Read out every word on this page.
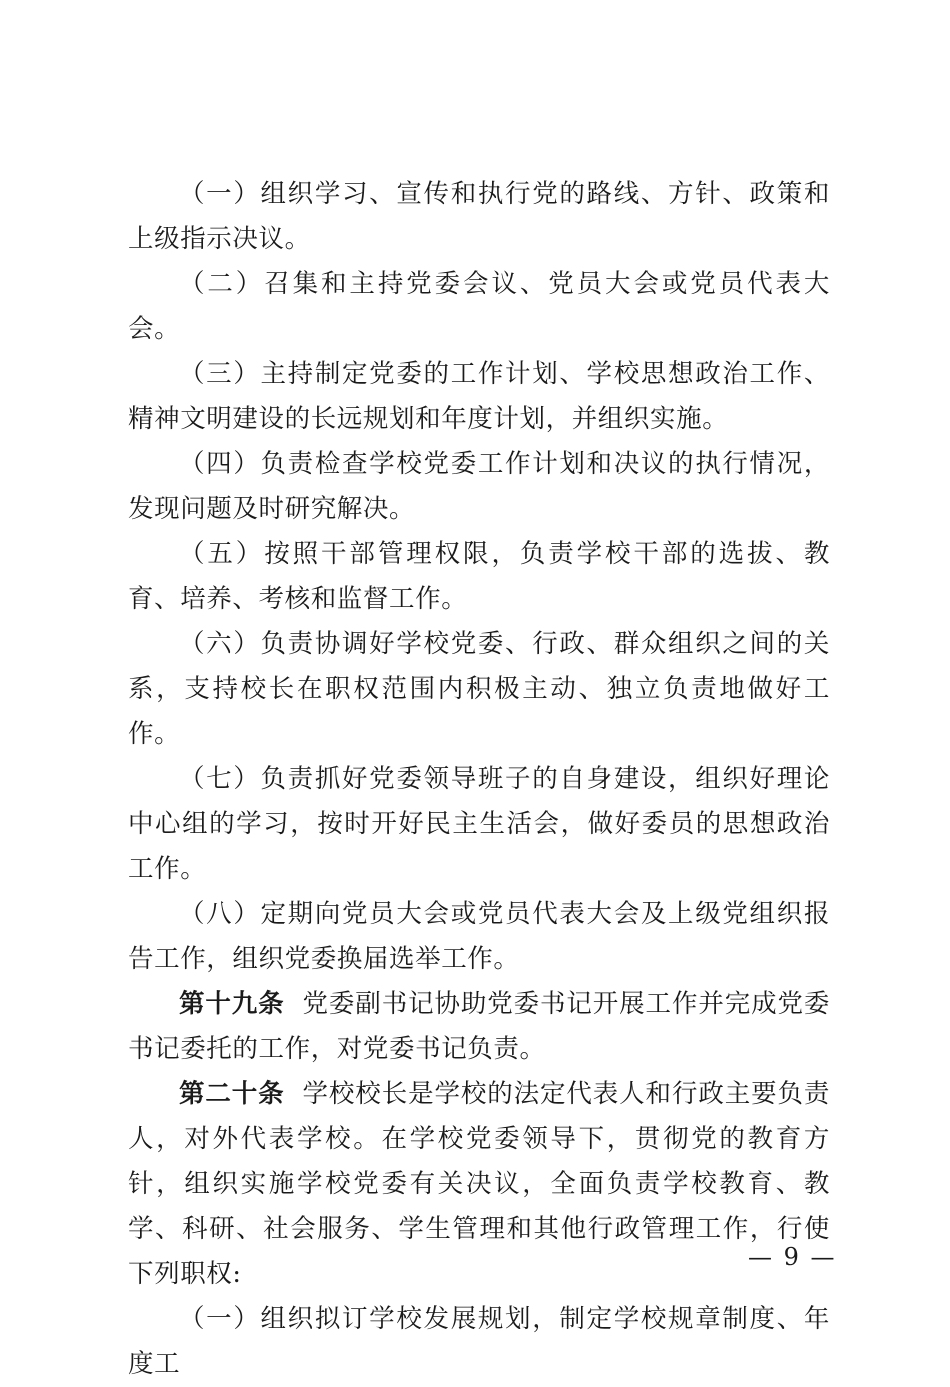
（一）组织学习、宣传和执行党的路线、方针、政策和上级指示决议。

（二）召集和主持党委会议、党员大会或党员代表大会。

（三）主持制定党委的工作计划、学校思想政治工作、精神文明建设的长远规划和年度计划，并组织实施。

（四）负责检查学校党委工作计划和决议的执行情况，发现问题及时研究解决。

（五）按照干部管理权限，负责学校干部的选拔、教育、培养、考核和监督工作。

（六）负责协调好学校党委、行政、群众组织之间的关系，支持校长在职权范围内积极主动、独立负责地做好工作。

（七）负责抓好党委领导班子的自身建设，组织好理论中心组的学习，按时开好民主生活会，做好委员的思想政治工作。

（八）定期向党员大会或党员代表大会及上级党组织报告工作，组织党委换届选举工作。

第十九条 党委副书记协助党委书记开展工作并完成党委书记委托的工作，对党委书记负责。

第二十条 学校校长是学校的法定代表人和行政主要负责人，对外代表学校。在学校党委领导下，贯彻党的教育方针，组织实施学校党委有关决议，全面负责学校教育、教学、科研、社会服务、学生管理和其他行政管理工作，行使下列职权:

（一）组织拟订学校发展规划，制定学校规章制度、年度工

— 9 —
